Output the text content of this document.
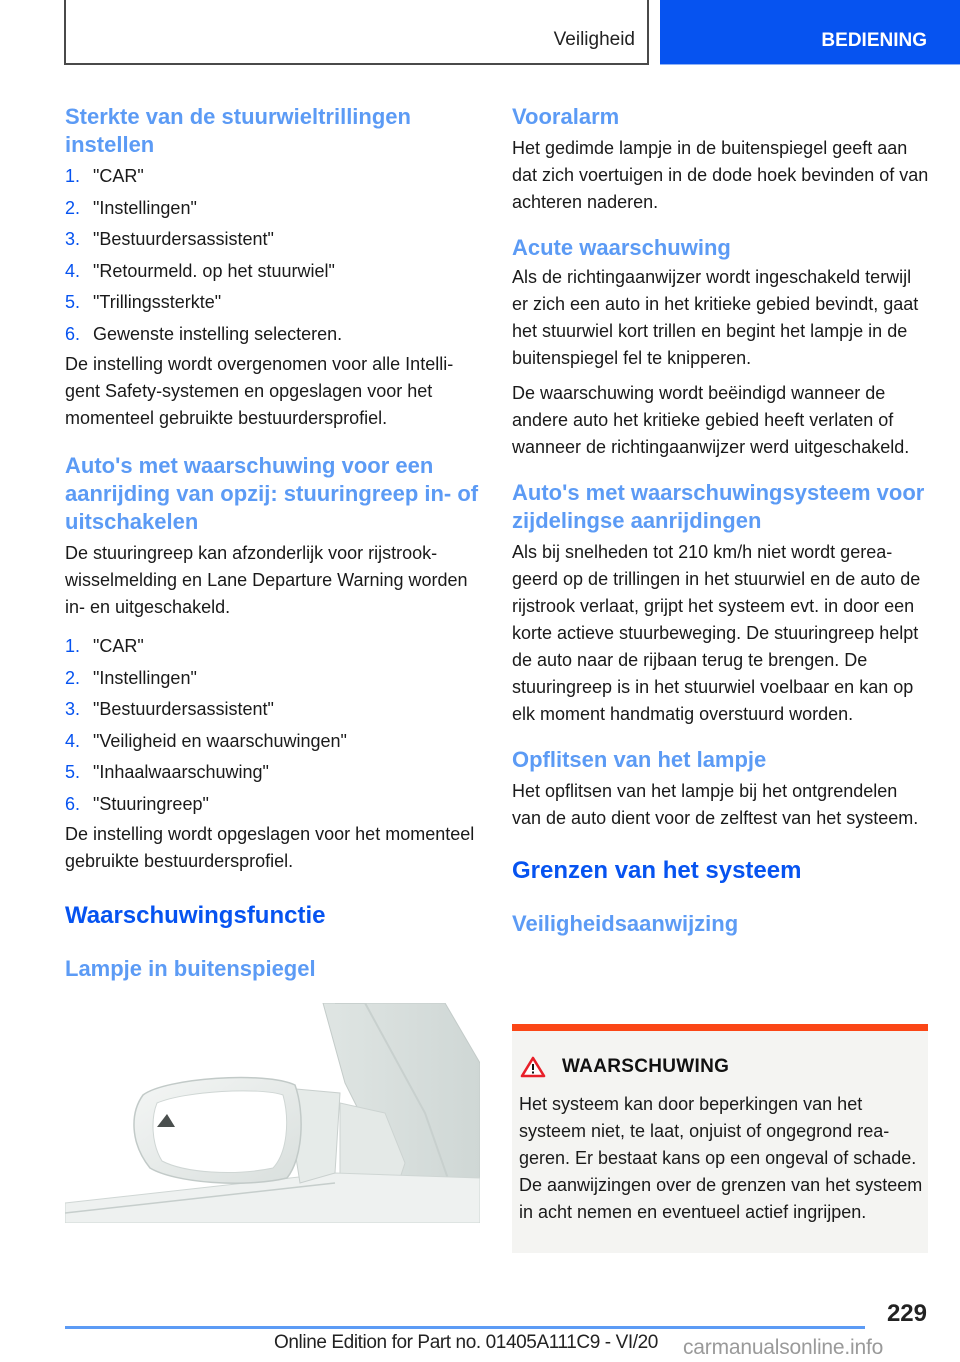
Veiligheid	BEDIENING
Sterkte van de stuurwieltrillingen instellen
1. "CAR"
2. "Instellingen"
3. "Bestuurdersassistent"
4. "Retourmeld. op het stuurwiel"
5. "Trillingssterkte"
6. Gewenste instelling selecteren.

De instelling wordt overgenomen voor alle Intelligent Safety-systemen en opgeslagen voor het momenteel gebruikte bestuurdersprofiel.

Auto's met waarschuwing voor een aanrijding van opzij: stuuringreep in- of uitschakelen

De stuuringreep kan afzonderlijk voor rijstrookwisselmelding en Lane Departure Warning worden in- en uitgeschakeld.

1. "CAR"
2. "Instellingen"
3. "Bestuurdersassistent"
4. "Veiligheid en waarschuwingen"
5. "Inhaalwaarschuwing"
6. "Stuuringreep"

De instelling wordt opgeslagen voor het momenteel gebruikte bestuurdersprofiel.

Waarschuwingsfunctie
Lampje in buitenspiegel
Vooralarm

Het gedimde lampje in de buitenspiegel geeft aan dat zich voertuigen in de dode hoek bevinden of van achteren naderen.

Acute waarschuwing

Als de richtingaanwijzer wordt ingeschakeld terwijl er zich een auto in het kritieke gebied bevindt, gaat het stuurwiel kort trillen en begint het lampje in de buitenspiegel fel te knipperen.

De waarschuwing wordt beëindigd wanneer de andere auto het kritieke gebied heeft verlaten of wanneer de richtingaanwijzer werd uitgeschakeld.

Auto's met waarschuwingsysteem voor zijdelingse aanrijdingen

Als bij snelheden tot 210 km/h niet wordt gereageerd op de trillingen in het stuurwiel en de auto de rijstrook verlaat, grijpt het systeem evt. in door een korte actieve stuurbeweging. De stuuringreep helpt de auto naar de rijbaan terug te brengen. De stuuringreep is in het stuurwiel voelbaar en kan op elk moment handmatig overstuurd worden.

Opflitsen van het lampje

Het opflitsen van het lampje bij het ontgrendelen van de auto dient voor de zelftest van het systeem.

Grenzen van het systeem
Veiligheidsaanwijzing
WAARSCHUWING

Het systeem kan door beperkingen van het systeem niet, te laat, onjuist of ongegrond reageren. Er bestaat kans op een ongeval of schade. De aanwijzingen over de grenzen van het systeem in acht nemen en eventueel actief ingrijpen.

229
Online Edition for Part no. 01405A111C9 - VI/20 carmanualsonline.info
